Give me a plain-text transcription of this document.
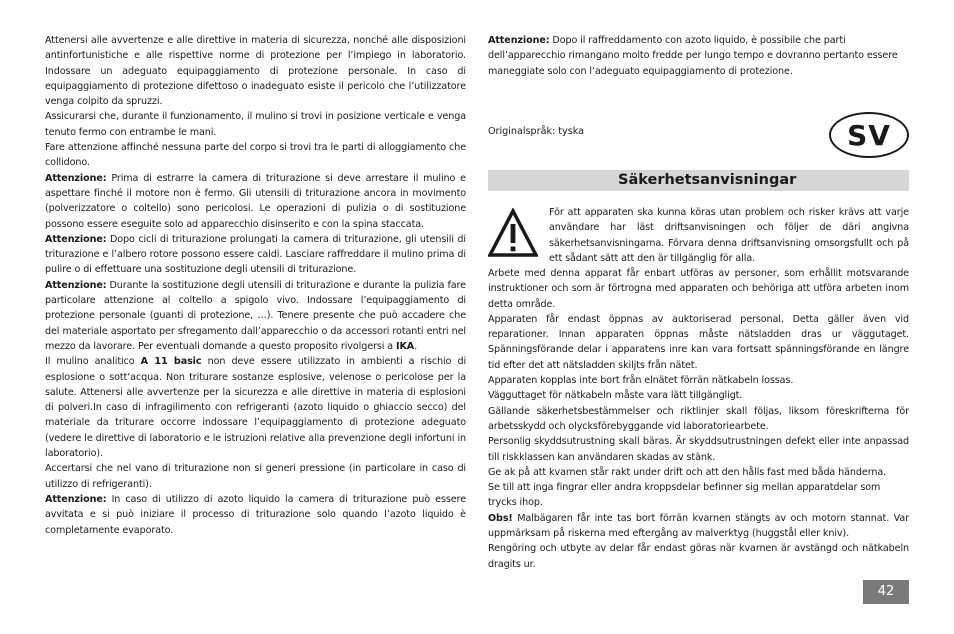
Attenersi alle avvertenze e alle direttive in materia di sicurezza, nonché alle disposizioni antinfortunistiche e alle rispettive norme di protezione per l’impiego in laboratorio. Indossare un adeguato equipaggiamento di protezione personale. In caso di equipaggiamento di protezione difettoso o inadeguato esiste il pericolo che l’utilizzatore venga colpito da spruzzi.

Assicurarsi che, durante il funzionamento, il mulino si trovi in posizione verticale e venga tenuto fermo con entrambe le mani.

Fare attenzione affinché nessuna parte del corpo si trovi tra le parti di alloggiamento che collidono.

Attenzione: Prima di estrarre la camera di triturazione si deve arrestare il mulino e aspettare finché il motore non è fermo. Gli utensili di triturazione ancora in movimento (polverizzatore o coltello) sono pericolosi. Le operazioni di pulizia o di sostituzione possono essere eseguite solo ad apparecchio disinserito e con la spina staccata.

Attenzione: Dopo cicli di triturazione prolungati la camera di triturazione, gli utensili di triturazione e l’albero rotore possono essere caldi. Lasciare raffreddare il mulino prima di pulire o di effettuare una sostituzione degli utensili di triturazione.

Attenzione: Durante la sostituzione degli utensili di triturazione e durante la pulizia fare particolare attenzione al coltello a spigolo vivo. Indossare l’equipaggiamento di protezione personale (guanti di protezione, …). Tenere presente che può accadere che del materiale asportato per sfregamento dall’apparecchio o da accessori rotanti entri nel mezzo da lavorare. Per eventuali domande a questo proposito rivolgersi a IKA.

Il mulino analitico A 11 basic non deve essere utilizzato in ambienti a rischio di esplosione o sott’acqua. Non triturare sostanze esplosive, velenose o pericolose per la salute. Attenersi alle avvertenze per la sicurezza e alle direttive in materia di esplosioni di polveri.In caso di infragilimento con refrigeranti (azoto liquido o ghiaccio secco) del materiale da triturare occorre indossare l’equipaggiamento di protezione adeguato (vedere le direttive di laboratorio e le istruzioni relative alla prevenzione degli infortuni in laboratorio).

Accertarsi che nel vano di triturazione non si generi pressione (in particolare in caso di utilizzo di refrigeranti).

Attenzione: In caso di utilizzo di azoto liquido la camera di triturazione può essere avvitata e si può iniziare il processo di triturazione solo quando l’azoto liquido è completamente evaporato.

Attenzione: Dopo il raffreddamento con azoto liquido, è possibile che parti dell’apparecchio rimangano molto fredde per lungo tempo e dovranno pertanto essere maneggiate solo con l’adeguato equipaggiamento di protezione.

Originalspråk: tyska	SV
Säkerhetsanvisningar

För att apparaten ska kunna köras utan problem och risker krävs att varje användare har läst driftsanvisningen och följer de däri angivna säkerhetsanvisningarna. Förvara denna driftsanvisning omsorgsfullt och på ett sådant sätt att den är tillgänglig för alla.

Arbete med denna apparat får enbart utföras av personer, som erhållit motsvarande instruktioner och som är förtrogna med apparaten och behöriga att utföra arbeten inom detta område.

Apparaten får endast öppnas av auktoriserad personal. Detta gäller även vid reparationer. Innan apparaten öppnas måste nätsladden dras ur väggutaget. Spänningsförande delar i apparatens inre kan vara fortsatt spänningsförande en längre tid efter det att nätsladden skiljts från nätet.

Apparaten kopplas inte bort från elnätet förrän nätkabeln lossas.

Vägguttaget för nätkabeln måste vara lätt tillgängligt.

Gällande säkerhetsbestämmelser och riktlinjer skall följas, liksom föreskrifterna för arbetsskydd och olycksförebyggande vid laboratoriearbete.

Personlig skyddsutrustning skall bäras. Är skyddsutrustningen defekt eller inte anpassad till riskklassen kan användaren skadas av stänk.

Ge ak på att kvarnen står rakt under drift och att den hålls fast med båda händerna.

Se till att inga fingrar eller andra kroppsdelar befinner sig mellan apparatdelar som trycks ihop.

Obs! Malbägaren får inte tas bort förrän kvarnen stängts av och motorn stannat. Var uppmärksam på riskerna med eftergång av malverktyg (huggstål eller kniv).

Rengöring och utbyte av delar får endast göras när kvarnen är avstängd och nätkabeln dragits ur.

42
